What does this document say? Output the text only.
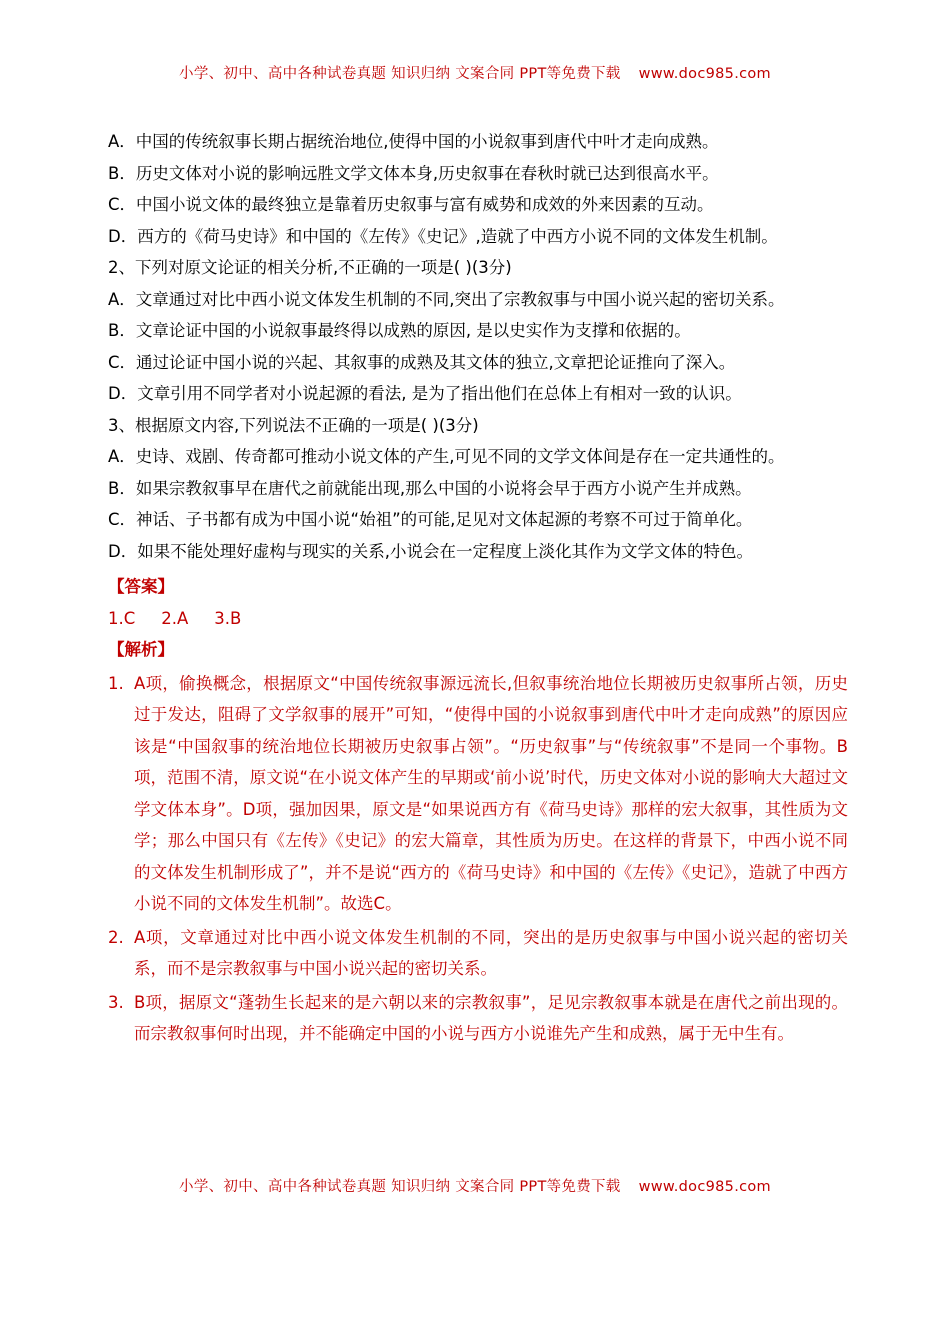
小学、初中、高中各种试卷真题 知识归纳 文案合同 PPT等免费下载 www.doc985.com
A．中国的传统叙事长期占据统治地位,使得中国的小说叙事到唐代中叶才走向成熟。
B．历史文体对小说的影响远胜文学文体本身,历史叙事在春秋时就已达到很高水平。
C．中国小说文体的最终独立是靠着历史叙事与富有威势和成效的外来因素的互动。
D．西方的《荷马史诗》和中国的《左传》《史记》,造就了中西方小说不同的文体发生机制。
2、下列对原文论证的相关分析,不正确的一项是( )(3分)
A．文章通过对比中西小说文体发生机制的不同,突出了宗教叙事与中国小说兴起的密切关系。
B．文章论证中国的小说叙事最终得以成熟的原因, 是以史实作为支撑和依据的。
C．通过论证中国小说的兴起、其叙事的成熟及其文体的独立,文章把论证推向了深入。
D．文章引用不同学者对小说起源的看法, 是为了指出他们在总体上有相对一致的认识。
3、根据原文内容,下列说法不正确的一项是( )(3分)
A．史诗、戏剧、传奇都可推动小说文体的产生,可见不同的文学文体间是存在一定共通性的。
B．如果宗教叙事早在唐代之前就能出现,那么中国的小说将会早于西方小说产生并成熟。
C．神话、子书都有成为中国小说“始祖”的可能,足见对文体起源的考察不可过于简单化。
D．如果不能处理好虚构与现实的关系,小说会在一定程度上淡化其作为文学文体的特色。
【答案】
1.C 2.A 3.B
【解析】
1. A项，偷换概念，根据原文“中国传统叙事源远流长,但叙事统治地位长期被历史叙事所占领，历史过于发达，阻碍了文学叙事的展开”可知，“使得中国的小说叙事到唐代中叶才走向成熟”的原因应该是“中国叙事的统治地位长期被历史叙事占领”。“历史叙事”与“传统叙事”不是同一个事物。B项，范围不清，原文说“在小说文体产生的早期或‘前小说’时代，历史文体对小说的影响大大超过文学文体本身”。D项，强加因果，原文是“如果说西方有《荷马史诗》那样的宏大叙事，其性质为文学；那么中国只有《左传》《史记》的宏大篇章，其性质为历史。在这样的背景下，中西小说不同的文体发生机制形成了”，并不是说“西方的《荷马史诗》和中国的《左传》《史记》，造就了中西方小说不同的文体发生机制”。故选C。
2. A项，文章通过对比中西小说文体发生机制的不同，突出的是历史叙事与中国小说兴起的密切关系，而不是宗教叙事与中国小说兴起的密切关系。
3. B项，据原文“蓬勃生长起来的是六朝以来的宗教叙事”，足见宗教叙事本就是在唐代之前出现的。而宗教叙事何时出现，并不能确定中国的小说与西方小说谁先产生和成熟，属于无中生有。
小学、初中、高中各种试卷真题 知识归纳 文案合同 PPT等免费下载 www.doc985.com
